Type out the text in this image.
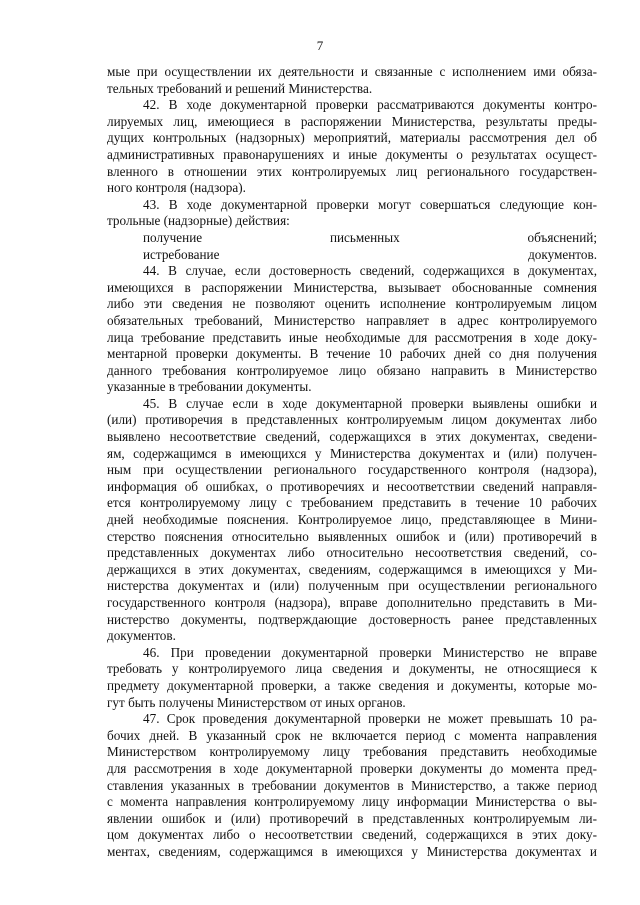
7
мые при осуществлении их деятельности и связанные с исполнением ими обяза-
тельных требований и решений Министерства.
42. В ходе документарной проверки рассматриваются документы контро-
лируемых лиц, имеющиеся в распоряжении Министерства, результаты преды-
дущих контрольных (надзорных) мероприятий, материалы рассмотрения дел об
административных правонарушениях и иные документы о результатах осущест-
вленного в отношении этих контролируемых лиц регионального государствен-
ного контроля (надзора).
43. В ходе документарной проверки могут совершаться следующие кон-
трольные (надзорные) действия:
получение письменных объяснений;
истребование документов.
44. В случае, если достоверность сведений, содержащихся в документах,
имеющихся в распоряжении Министерства, вызывает обоснованные сомнения
либо эти сведения не позволяют оценить исполнение контролируемым лицом
обязательных требований, Министерство направляет в адрес контролируемого
лица требование представить иные необходимые для рассмотрения в ходе доку-
ментарной проверки документы. В течение 10 рабочих дней со дня получения
данного требования контролируемое лицо обязано направить в Министерство
указанные в требовании документы.
45. В случае если в ходе документарной проверки выявлены ошибки и
(или) противоречия в представленных контролируемым лицом документах либо
выявлено несоответствие сведений, содержащихся в этих документах, сведени-
ям, содержащимся в имеющихся у Министерства документах и (или) получен-
ным при осуществлении регионального государственного контроля (надзора),
информация об ошибках, о противоречиях и несоответствии сведений направля-
ется контролируемому лицу с требованием представить в течение 10 рабочих
дней необходимые пояснения. Контролируемое лицо, представляющее в Мини-
стерство пояснения относительно выявленных ошибок и (или) противоречий в
представленных документах либо относительно несоответствия сведений, со-
держащихся в этих документах, сведениям, содержащимся в имеющихся у Ми-
нистерства документах и (или) полученным при осуществлении регионального
государственного контроля (надзора), вправе дополнительно представить в Ми-
нистерство документы, подтверждающие достоверность ранее представленных
документов.
46. При проведении документарной проверки Министерство не вправе
требовать у контролируемого лица сведения и документы, не относящиеся к
предмету документарной проверки, а также сведения и документы, которые мо-
гут быть получены Министерством от иных органов.
47. Срок проведения документарной проверки не может превышать 10 ра-
бочих дней. В указанный срок не включается период с момента направления
Министерством контролируемому лицу требования представить необходимые
для рассмотрения в ходе документарной проверки документы до момента пред-
ставления указанных в требовании документов в Министерство, а также период
с момента направления контролируемому лицу информации Министерства о вы-
явлении ошибок и (или) противоречий в представленных контролируемым ли-
цом документах либо о несоответствии сведений, содержащихся в этих доку-
ментах, сведениям, содержащимся в имеющихся у Министерства документах и
